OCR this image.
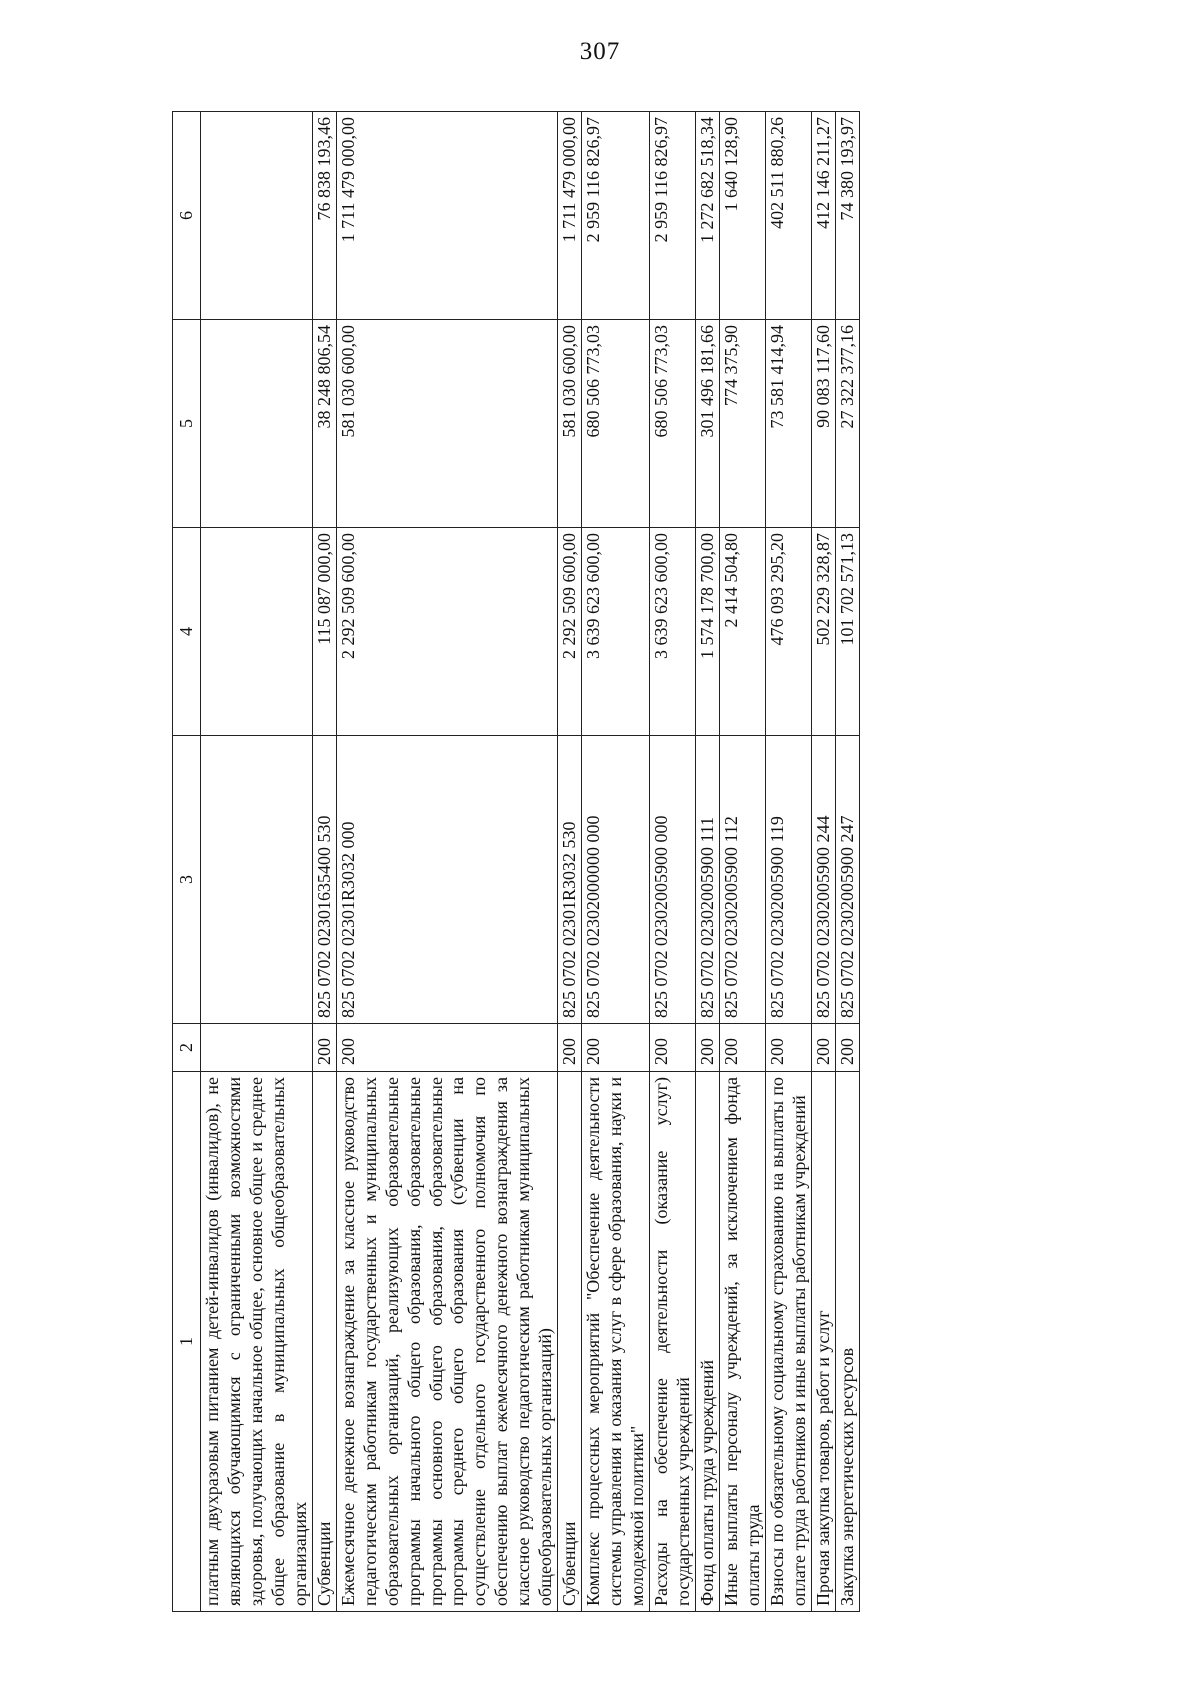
307
1	2	3	4	5	6
платным двухразовым питанием детей-инвалидов (инвалидов), не являющихся обучающимися с ограниченными возможностями здоровья, получающих начальное общее, основное общее и среднее общее образование в муниципальных общеобразовательных организациях					
Субвенции	200	825 0702 02301635400 530	115 087 000,00	38 248 806,54	76 838 193,46
Ежемесячное денежное вознаграждение за классное руководство педагогическим работникам государственных и муниципальных образовательных организаций, реализующих образовательные программы начального общего образования, образовательные программы основного общего образования, образовательные программы среднего общего образования (субвенции на осуществление отдельного государственного полномочия по обеспечению выплат ежемесячного денежного вознаграждения за классное руководство педагогическим работникам муниципальных общеобразовательных организаций)	200	825 0702 02301R3032 000	2 292 509 600,00	581 030 600,00	1 711 479 000,00
Субвенции	200	825 0702 02301R3032 530	2 292 509 600,00	581 030 600,00	1 711 479 000,00
Комплекс процессных мероприятий "Обеспечение деятельности системы управления и оказания услуг в сфере образования, науки и молодежной политики"	200	825 0702 02302000000 000	3 639 623 600,00	680 506 773,03	2 959 116 826,97
Расходы на обеспечение деятельности (оказание услуг) государственных учреждений	200	825 0702 02302005900 000	3 639 623 600,00	680 506 773,03	2 959 116 826,97
Фонд оплаты труда учреждений	200	825 0702 02302005900 111	1 574 178 700,00	301 496 181,66	1 272 682 518,34
Иные выплаты персоналу учреждений, за исключением фонда оплаты труда	200	825 0702 02302005900 112	2 414 504,80	774 375,90	1 640 128,90
Взносы по обязательному социальному страхованию на выплаты по оплате труда работников и иные выплаты работникам учреждений	200	825 0702 02302005900 119	476 093 295,20	73 581 414,94	402 511 880,26
Прочая закупка товаров, работ и услуг	200	825 0702 02302005900 244	502 229 328,87	90 083 117,60	412 146 211,27
Закупка энергетических ресурсов	200	825 0702 02302005900 247	101 702 571,13	27 322 377,16	74 380 193,97
